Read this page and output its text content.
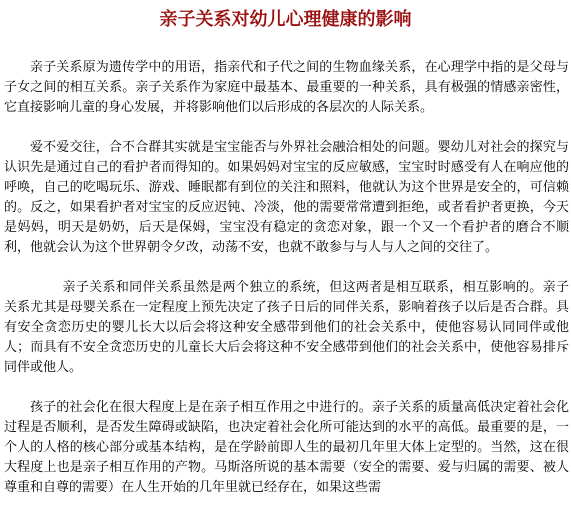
亲子关系对幼儿心理健康的影响

亲子关系原为遗传学中的用语，指亲代和子代之间的生物血缘关系，在心理学中指的是父母与子女之间的相互关系。亲子关系作为家庭中最基本、最重要的一种关系，具有极强的情感亲密性，它直接影响儿童的身心发展，并将影响他们以后形成的各层次的人际关系。

爱不爱交往，合不合群其实就是宝宝能否与外界社会融洽相处的问题。婴幼儿对社会的探究与认识先是通过自己的看护者而得知的。如果妈妈对宝宝的反应敏感，宝宝时时感受有人在响应他的呼唤，自己的吃喝玩乐、游戏、睡眠都有到位的关注和照料，他就认为这个世界是安全的，可信赖的。反之，如果看护者对宝宝的反应迟钝、冷淡，他的需要常常遭到拒绝，或者看护者更换，今天是妈妈，明天是奶奶，后天是保姆，宝宝没有稳定的贪恋对象，跟一个又一个看护者的磨合不顺利，他就会认为这个世界朝令夕改，动荡不安，也就不敢参与与人与人之间的交往了。

亲子关系和同伴关系虽然是两个独立的系统，但这两者是相互联系，相互影响的。亲子关系尤其是母婴关系在一定程度上预先决定了孩子日后的同伴关系，影响着孩子以后是否合群。具有安全贪恋历史的婴儿长大以后会将这种安全感带到他们的社会关系中，使他容易认同同伴或他人；而具有不安全贪恋历史的儿童长大后会将这种不安全感带到他们的社会关系中，使他容易排斥同伴或他人。

孩子的社会化在很大程度上是在亲子相互作用之中进行的。亲子关系的质量高低决定着社会化过程是否顺利，是否发生障碍或缺陷，也决定着社会化所可能达到的水平的高低。最重要的是，一个人的人格的核心部分或基本结构，是在学龄前即人生的最初几年里大体上定型的。当然，这在很大程度上也是亲子相互作用的产物。马斯洛所说的基本需要（安全的需要、爱与归属的需要、被人尊重和自尊的需要）在人生开始的几年里就已经存在，如果这些需
